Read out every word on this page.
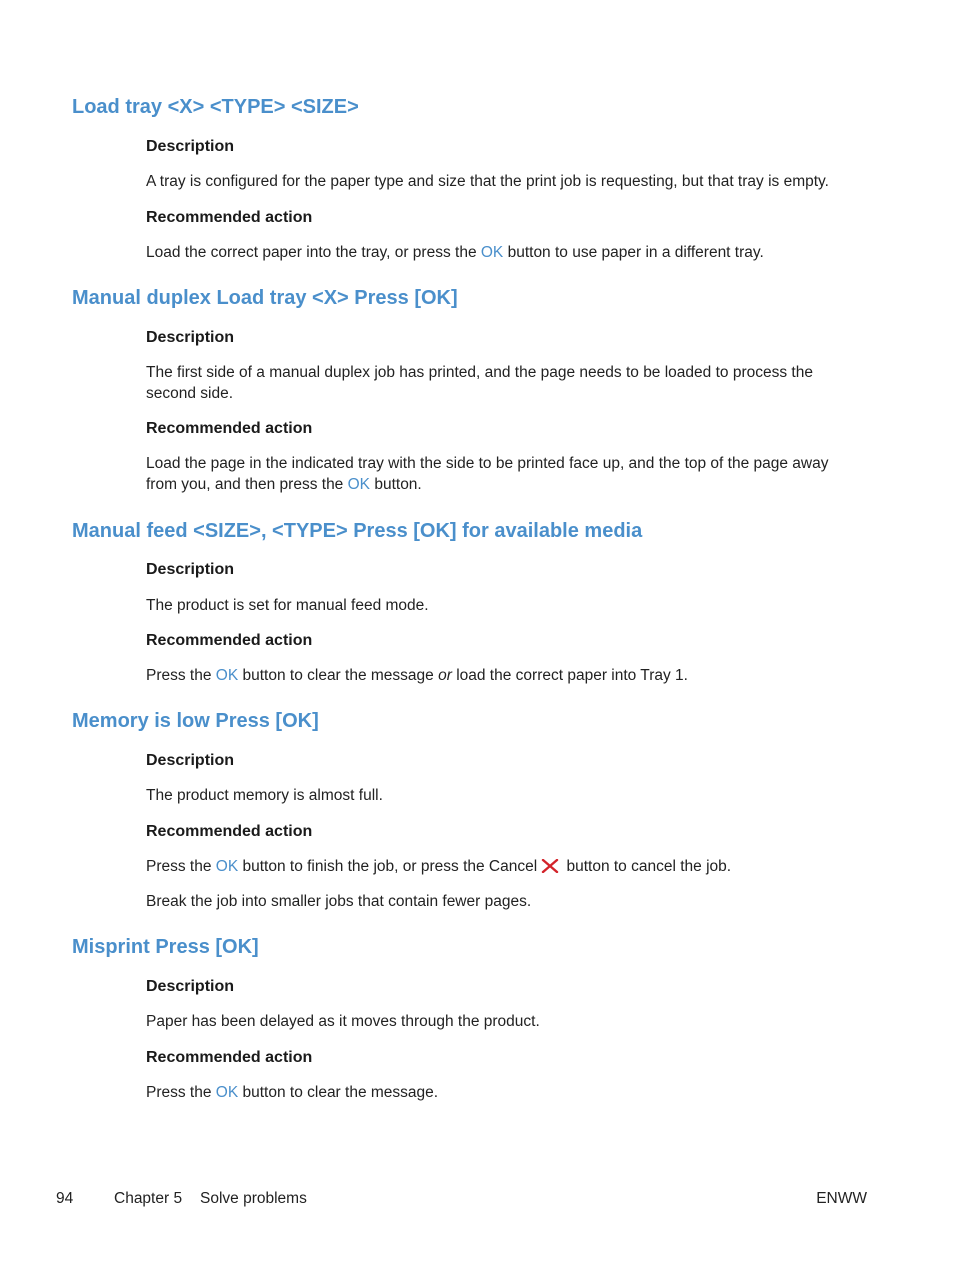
Load tray <X> <TYPE> <SIZE>
Description

A tray is configured for the paper type and size that the print job is requesting, but that tray is empty.

Recommended action

Load the correct paper into the tray, or press the OK button to use paper in a different tray.

Manual duplex Load tray <X> Press [OK]
Description

The first side of a manual duplex job has printed, and the page needs to be loaded to process the second side.

Recommended action

Load the page in the indicated tray with the side to be printed face up, and the top of the page away from you, and then press the OK button.

Manual feed <SIZE>, <TYPE> Press [OK] for available media
Description

The product is set for manual feed mode.

Recommended action

Press the OK button to clear the message or load the correct paper into Tray 1.

Memory is low Press [OK]
Description

The product memory is almost full.

Recommended action

Press the OK button to finish the job, or press the Cancel button to cancel the job.

Break the job into smaller jobs that contain fewer pages.

Misprint Press [OK]
Description

Paper has been delayed as it moves through the product.

Recommended action

Press the OK button to clear the message.

94	Chapter 5 Solve problems	ENWW
